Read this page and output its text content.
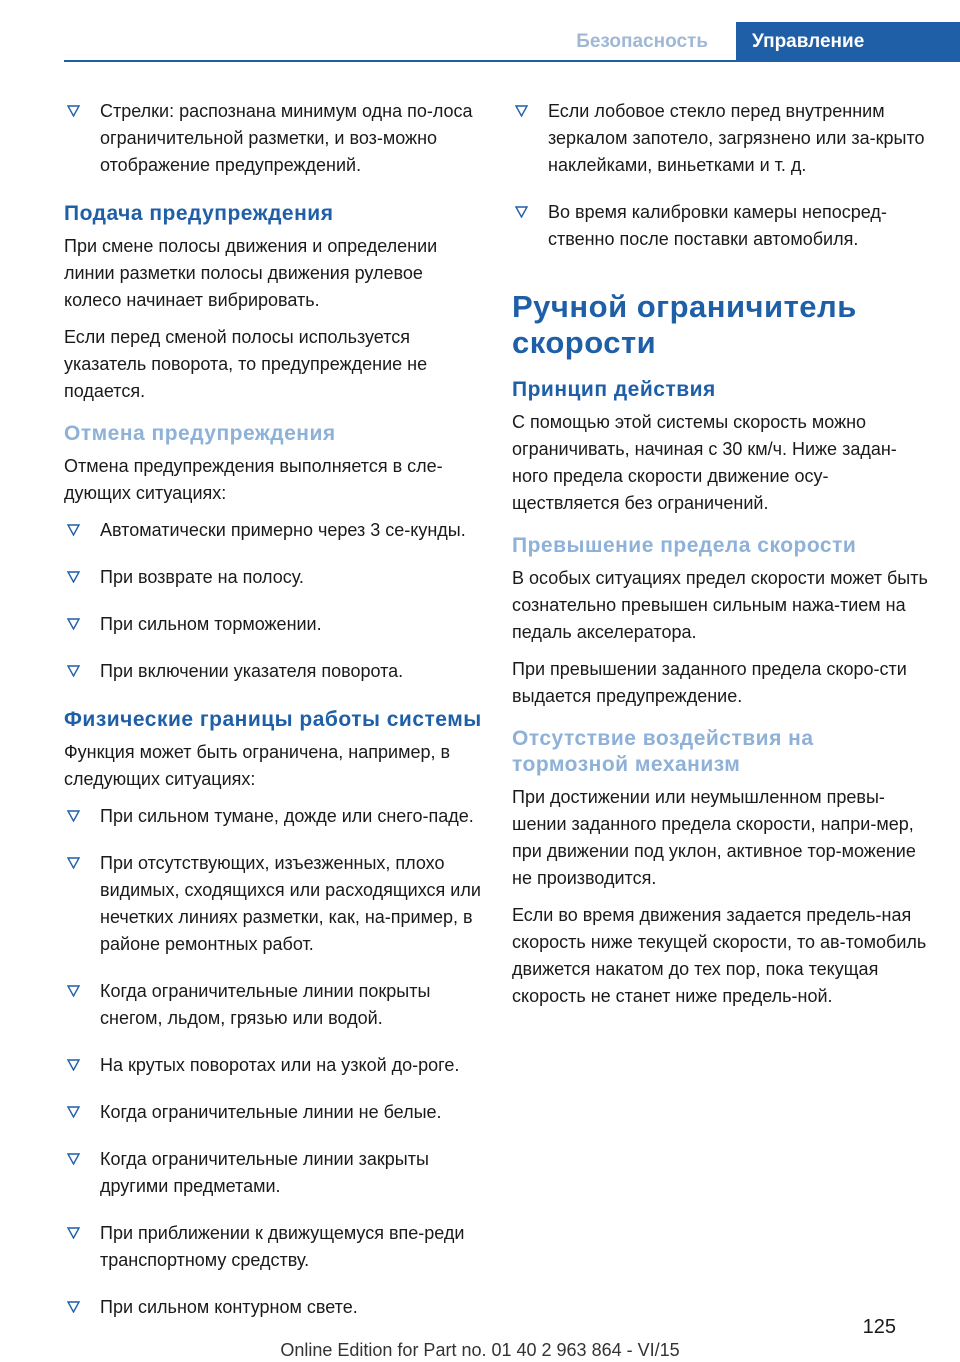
Безопасность	Управление
Стрелки: распознана минимум одна по-лоса ограничительной разметки, и воз-можно отображение предупреждений.
Подача предупреждения

При смене полосы движения и определении линии разметки полосы движения рулевое колесо начинает вибрировать.

Если перед сменой полосы используется указатель поворота, то предупреждение не подается.

Отмена предупреждения

Отмена предупреждения выполняется в сле-дующих ситуациях:

Автоматически примерно через 3 се-кунды.
При возврате на полосу.
При сильном торможении.
При включении указателя поворота.
Физические границы работы системы

Функция может быть ограничена, например, в следующих ситуациях:

При сильном тумане, дожде или снего-паде.
При отсутствующих, изъезженных, плохо видимых, сходящихся или расходящихся или нечетких линиях разметки, как, на-пример, в районе ремонтных работ.
Когда ограничительные линии покрыты снегом, льдом, грязью или водой.
На крутых поворотах или на узкой до-роге.
Когда ограничительные линии не белые.
Когда ограничительные линии закрыты другими предметами.
При приближении к движущемуся впе-реди транспортному средству.
При сильном контурном свете.
Если лобовое стекло перед внутренним зеркалом запотело, загрязнено или за-крыто наклейками, виньетками и т. д.
Во время калибровки камеры непосред-ственно после поставки автомобиля.
Ручной ограничитель скорости
Принцип действия

С помощью этой системы скорость можно ограничивать, начиная с 30 км/ч. Ниже задан-ного предела скорости движение осу-ществляется без ограничений.

Превышение предела скорости

В особых ситуациях предел скорости может быть сознательно превышен сильным нажа-тием на педаль акселератора.

При превышении заданного предела скоро-сти выдается предупреждение.

Отсутствие воздействия на тормозной механизм

При достижении или неумышленном превы-шении заданного предела скорости, напри-мер, при движении под уклон, активное тор-можение не производится.

Если во время движения задается предель-ная скорость ниже текущей скорости, то ав-томобиль движется накатом до тех пор, пока текущая скорость не станет ниже предель-ной.

125
Online Edition for Part no. 01 40 2 963 864 - VI/15
